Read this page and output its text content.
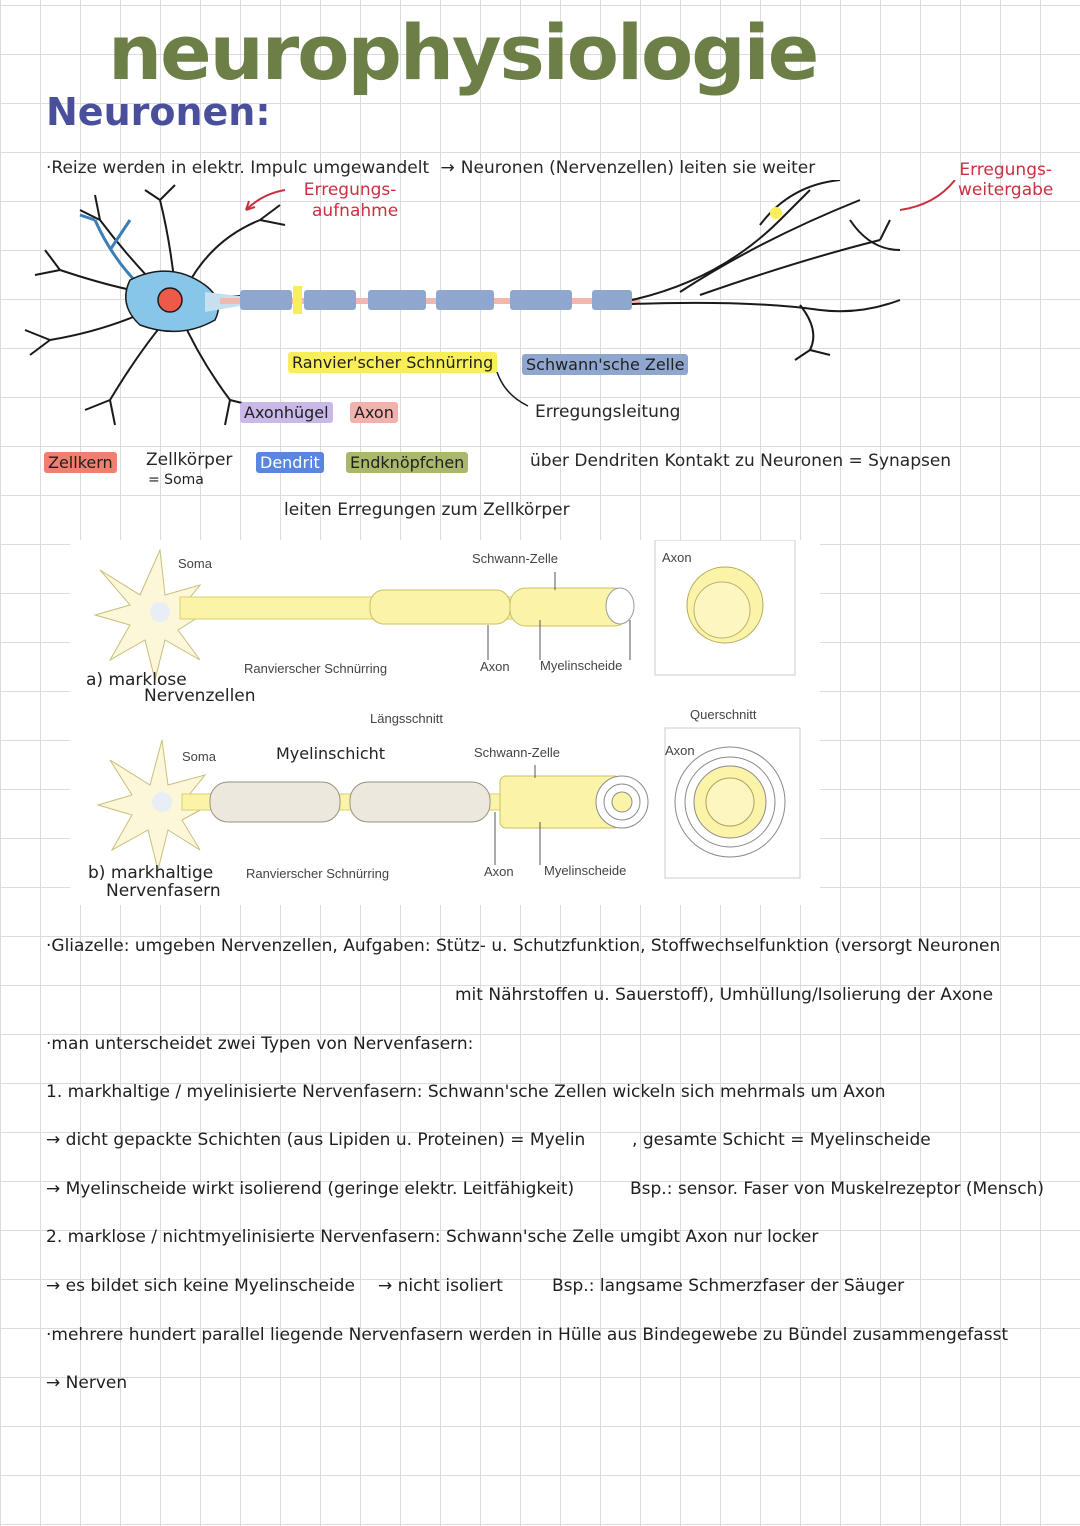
neurophysiologie
Neuronen:
·Reize werden in elektr. Impulc umgewandelt → Neuronen (Nervenzellen) leiten sie weiter
Erregungs-
aufnahme
Erregungs-
weitergabe
Ranvier'scher Schnürring Schwann'sche Zelle
Axonhügel Axon	Erregungsleitung
Zellkern Zellkörper
= Soma
Dendrit Endknöpfchen	über Dendriten Kontakt zu Neuronen = Synapsen
leiten Erregungen zum Zellkörper
Soma	Schwann-Zelle	Axon
Ranvierscher Schnürring	Axon Myelinscheide
a) marklose
Nervenzellen
Längsschnitt	Querschnitt
Soma	Myelinschicht	Schwann-Zelle	Axon
b) markhaltige
Nervenfasern
Ranvierscher Schnürring	Axon Myelinscheide
·Gliazelle: umgeben Nervenzellen, Aufgaben: Stütz- u. Schutzfunktion, Stoffwechselfunktion (versorgt Neuronen
mit Nährstoffen u. Sauerstoff), Umhüllung/Isolierung der Axone
·man unterscheidet zwei Typen von Nervenfasern:
1. markhaltige / myelinisierte Nervenfasern: Schwann'sche Zellen wickeln sich mehrmals um Axon
→ dicht gepackte Schichten (aus Lipiden u. Proteinen) = Myelin	, gesamte Schicht = Myelinscheide
→ Myelinscheide wirkt isolierend (geringe elektr. Leitfähigkeit)	Bsp.: sensor. Faser von Muskelrezeptor (Mensch)
2. marklose / nichtmyelinisierte Nervenfasern: Schwann'sche Zelle umgibt Axon nur locker
→ es bildet sich keine Myelinscheide → nicht isoliert	Bsp.: langsame Schmerzfaser der Säuger
·mehrere hundert parallel liegende Nervenfasern werden in Hülle aus Bindegewebe zu Bündel zusammengefasst
→ Nerven
